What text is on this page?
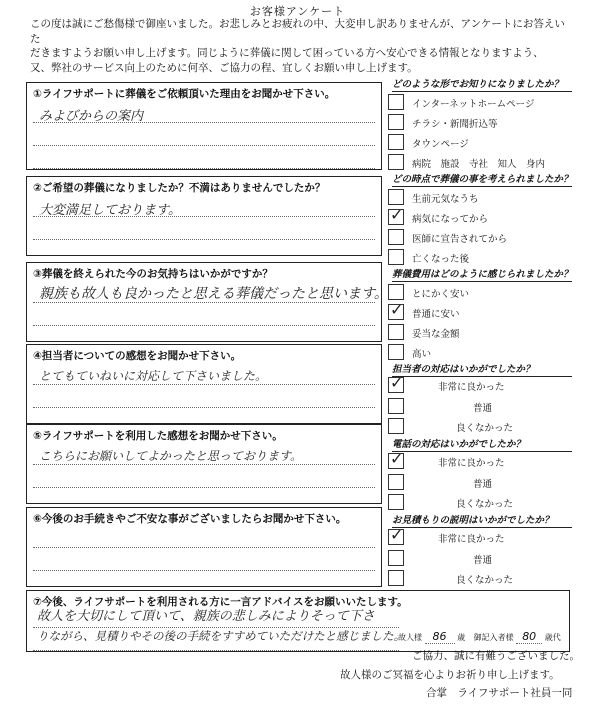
お客様アンケート
この度は誠にご愁傷様で御座いました。お悲しみとお疲れの中、大変申し訳ありませんが、アンケートにお答えいた
だきますようお願い申し上げます。同じように葬儀に関して困っている方へ安心できる情報となりますよう、
又、弊社のサービス向上のために何卒、ご協力の程、宜しくお願い申し上げます。
①ライフサポートに葬儀をご依頼頂いた理由をお聞かせ下さい。
みよびからの案内
②ご希望の葬儀になりましたか？不満はありませんでしたか？
大変満足しております。
③葬儀を終えられた今のお気持ちはいかがですか？
親族も故人も良かったと思える葬儀だったと思います。
④担当者についての感想をお聞かせ下さい。
とてもていねいに対応して下さいました。
⑤ライフサポートを利用した感想をお聞かせ下さい。
こちらにお願いしてよかったと思っております。
⑥今後のお手続きやご不安な事がございましたらお聞かせ下さい。
⑦今後、ライフサポートを利用される方に一言アドバイスをお願いいたします。
故人を大切にして頂いて、親族の悲しみによりそって下さ
りながら、見積りやその後の手続をすすめていただけたと感じました。
どのような形でお知りになりましたか？
インターネットホームページ
チラシ・新聞折込等
タウンページ
病院　施設　寺社　知人　身内
どの時点で葬儀の事を考えられましたか？
生前元気なうち
✓ 病気になってから
医師に宣告されてから
亡くなった後
葬儀費用はどのように感じられましたか？
とにかく安い
✓ 普通に安い
妥当な金額
高い
担当者の対応はいかがでしたか？
✓	非常に良かった
普通
良くなかった
電話の対応はいかがでしたか？
✓	非常に良かった
普通
良くなかった
お見積もりの説明はいかがでしたか？
✓	非常に良かった
普通
良くなかった
故人様 86 歳 御記入者様 80 歳代
ご協力、誠に有難うございました。
故人様のご冥福を心よりお祈り申し上げます。
合掌　ライフサポート社員一同
